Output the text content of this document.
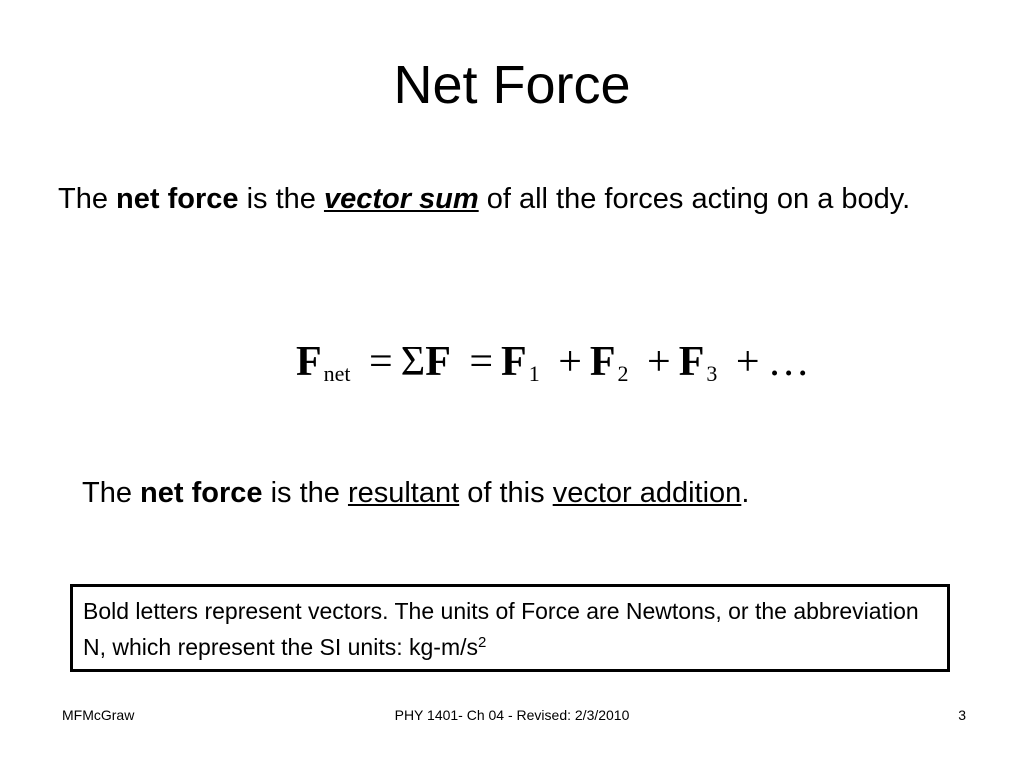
Net Force
The net force is the vector sum of all the forces acting on a body.
$F_{net} = \Sigma F = F_1 + F_2 + F_3$ + …
The net force is the resultant of this vector addition.
Bold letters represent vectors. The units of Force are Newtons, or the abbreviation N, which represent the SI units: $kg-m/s^2$
MFMcGraw	PHY 1401- Ch 04 - Revised: 2/3/2010	3
